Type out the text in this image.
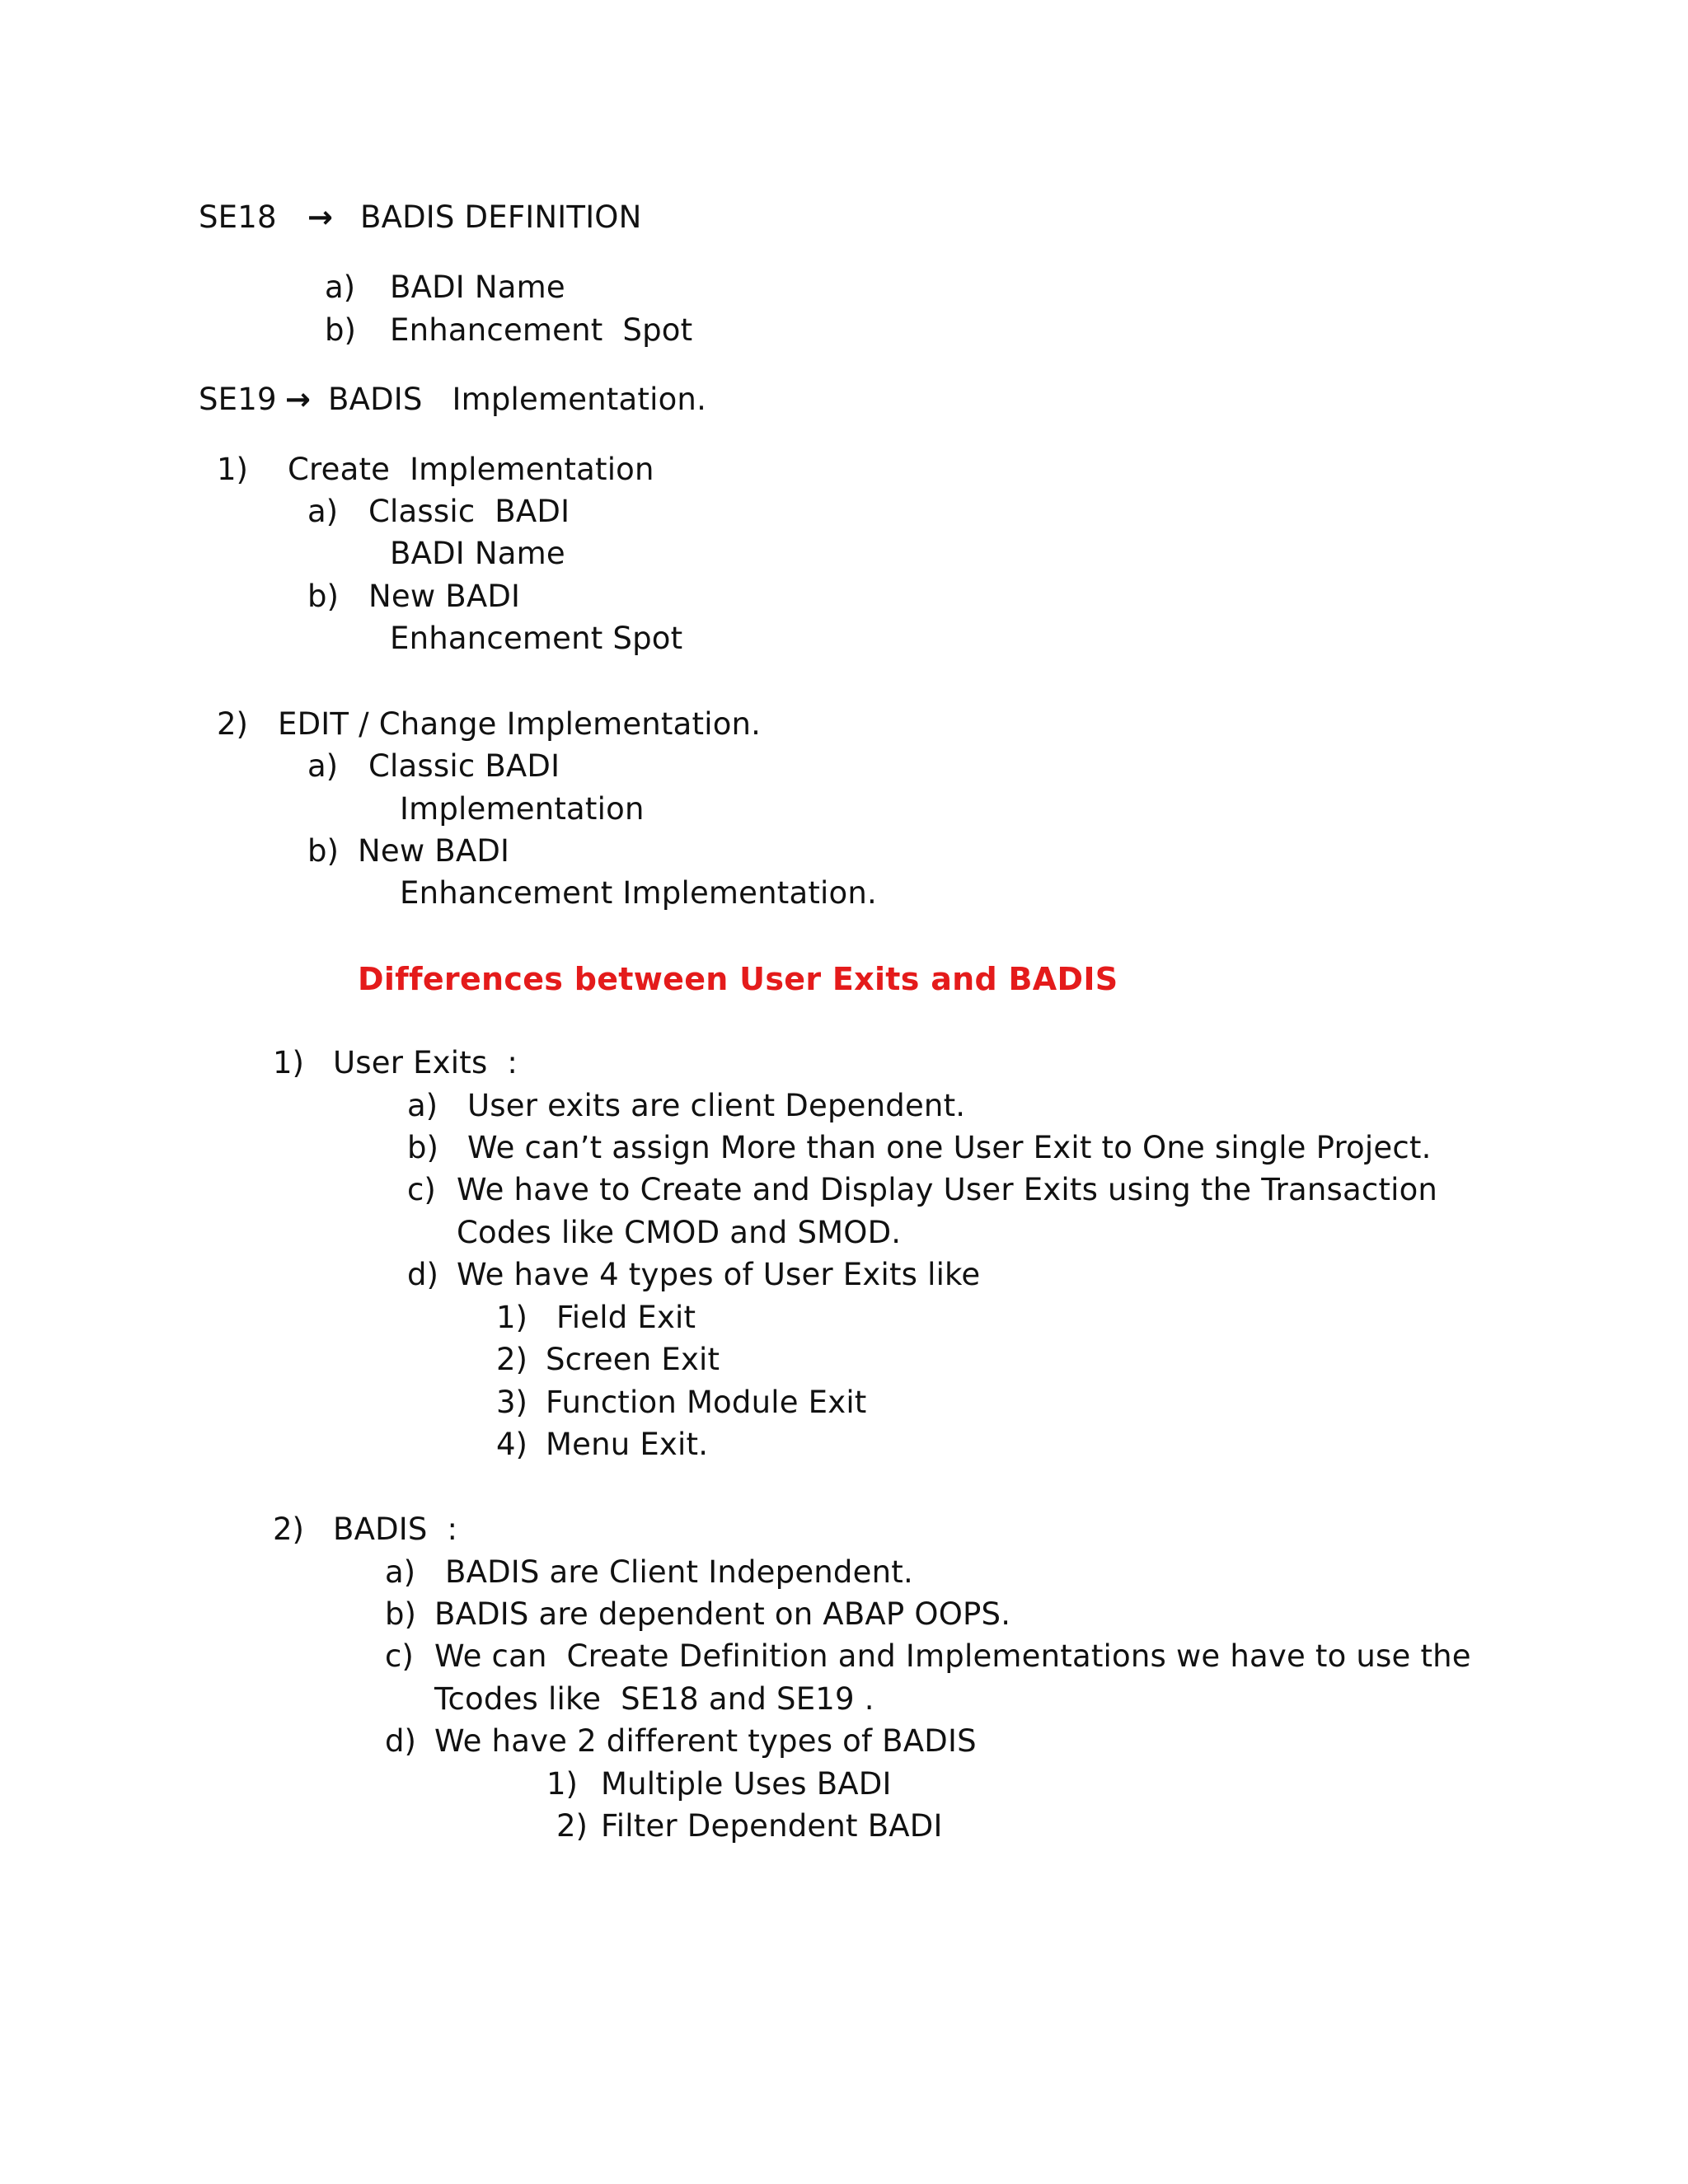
SE18 → BADIS DEFINITION
a) BADI Name
b) Enhancement  Spot
SE19 → BADIS   Implementation.
1) Create  Implementation
a) Classic  BADI
BADI Name
b) New BADI
Enhancement Spot
2) EDIT / Change Implementation.
a) Classic BADI
Implementation
b) New BADI
Enhancement Implementation.
Differences between User Exits and BADIS
1) User Exits  :
a) User exits are client Dependent.
b) We can’t assign More than one User Exit to One single Project.
c) We have to Create and Display User Exits using the Transaction
Codes like CMOD and SMOD.
d) We have 4 types of User Exits like
1) Field Exit
2) Screen Exit
3) Function Module Exit
4) Menu Exit.
2) BADIS  :
a) BADIS are Client Independent.
b) BADIS are dependent on ABAP OOPS.
c) We can  Create Definition and Implementations we have to use the
Tcodes like  SE18 and SE19 .
d) We have 2 different types of BADIS
1) Multiple Uses BADI
2) Filter Dependent BADI
